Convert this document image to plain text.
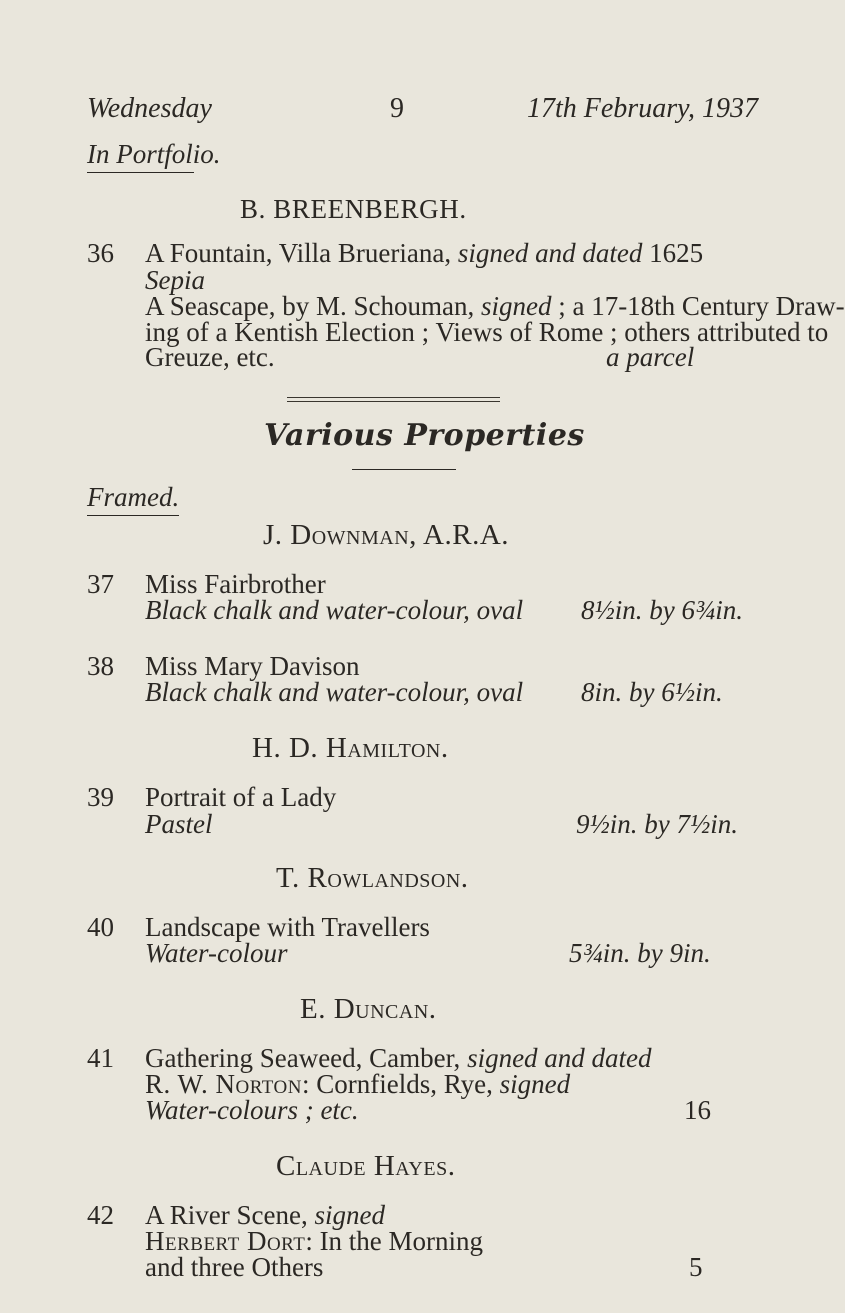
Wednesday	9	17th February, 1937
In Portfolio.
B. BREENBERGH.
36 A Fountain, Villa Brueriana, signed and dated 1625
Sepia
A Seascape, by M. Schouman, signed ; a 17-18th Century Draw-
ing of a Kentish Election ; Views of Rome ; others attributed to
Greuze, etc.	a parcel
Various Properties
Framed.
J. Downman, A.R.A.
37 Miss Fairbrother
Black chalk and water-colour, oval 8½in. by 6¾in.
38 Miss Mary Davison
Black chalk and water-colour, oval 8in. by 6½in.
H. D. Hamilton.
39 Portrait of a Lady
Pastel	9½in. by 7½in.
T. Rowlandson.
40 Landscape with Travellers
Water-colour	5¾in. by 9in.
E. Duncan.
41 Gathering Seaweed, Camber, signed and dated
R. W. Norton: Cornfields, Rye, signed
Water-colours ; etc.	16
Claude Hayes.
42 A River Scene, signed
Herbert Dort: In the Morning
and three Others	5
